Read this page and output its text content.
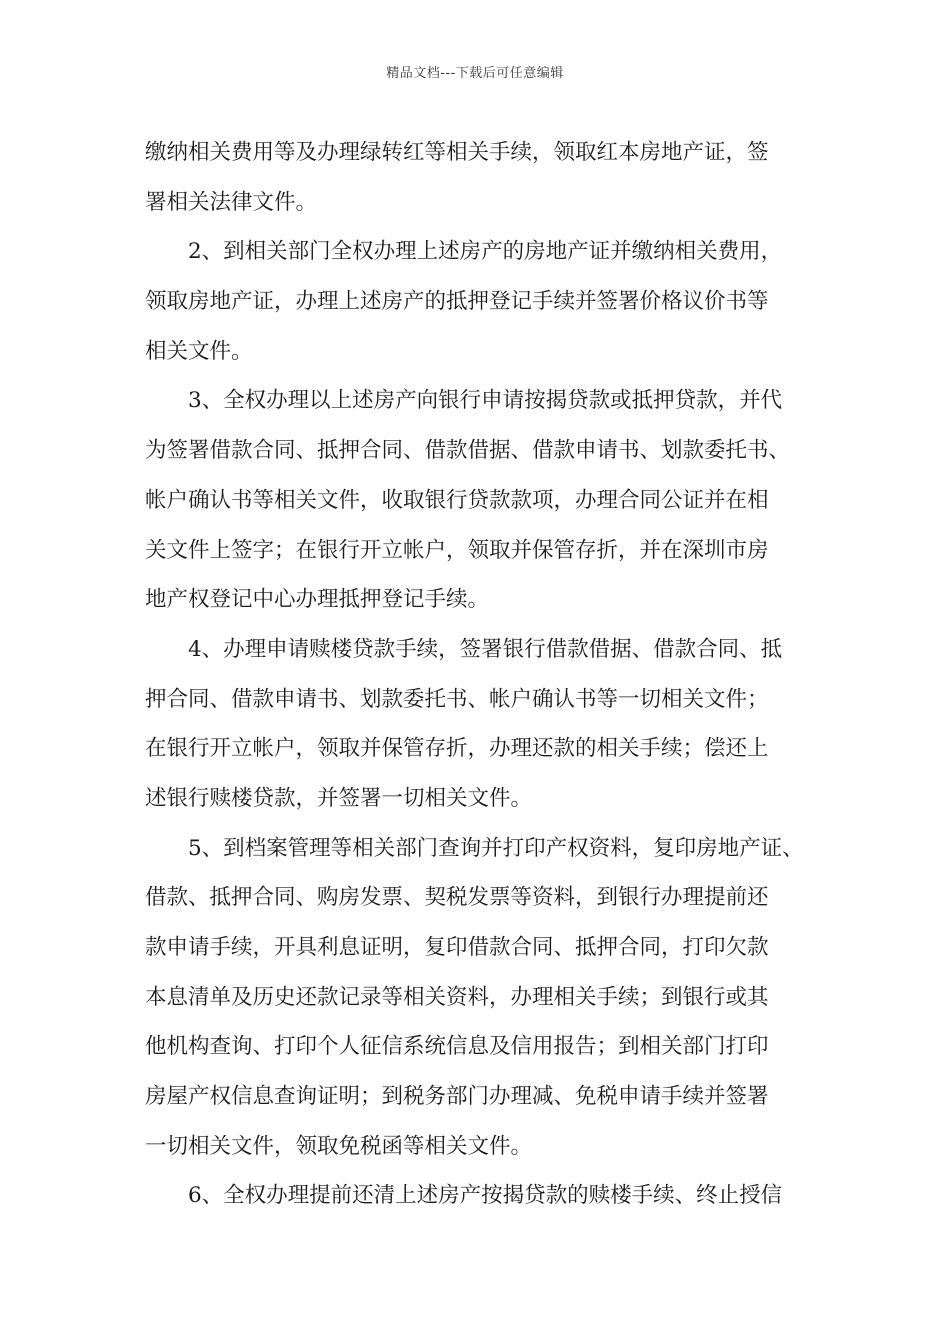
精品文档---下载后可任意编辑
缴纳相关费用等及办理绿转红等相关手续，领取红本房地产证，签
署相关法律文件。
　　2、到相关部门全权办理上述房产的房地产证并缴纳相关费用，
领取房地产证，办理上述房产的抵押登记手续并签署价格议价书等
相关文件。
　　3、全权办理以上述房产向银行申请按揭贷款或抵押贷款，并代
为签署借款合同、抵押合同、借款借据、借款申请书、划款委托书、
帐户确认书等相关文件，收取银行贷款款项，办理合同公证并在相
关文件上签字；在银行开立帐户，领取并保管存折，并在深圳市房
地产权登记中心办理抵押登记手续。
　　4、办理申请赎楼贷款手续，签署银行借款借据、借款合同、抵
押合同、借款申请书、划款委托书、帐户确认书等一切相关文件；
在银行开立帐户，领取并保管存折，办理还款的相关手续；偿还上
述银行赎楼贷款，并签署一切相关文件。
　　5、到档案管理等相关部门查询并打印产权资料，复印房地产证、
借款、抵押合同、购房发票、契税发票等资料，到银行办理提前还
款申请手续，开具利息证明，复印借款合同、抵押合同，打印欠款
本息清单及历史还款记录等相关资料，办理相关手续；到银行或其
他机构查询、打印个人征信系统信息及信用报告；到相关部门打印
房屋产权信息查询证明；到税务部门办理减、免税申请手续并签署
一切相关文件，领取免税函等相关文件。
　　6、全权办理提前还清上述房产按揭贷款的赎楼手续、终止授信
